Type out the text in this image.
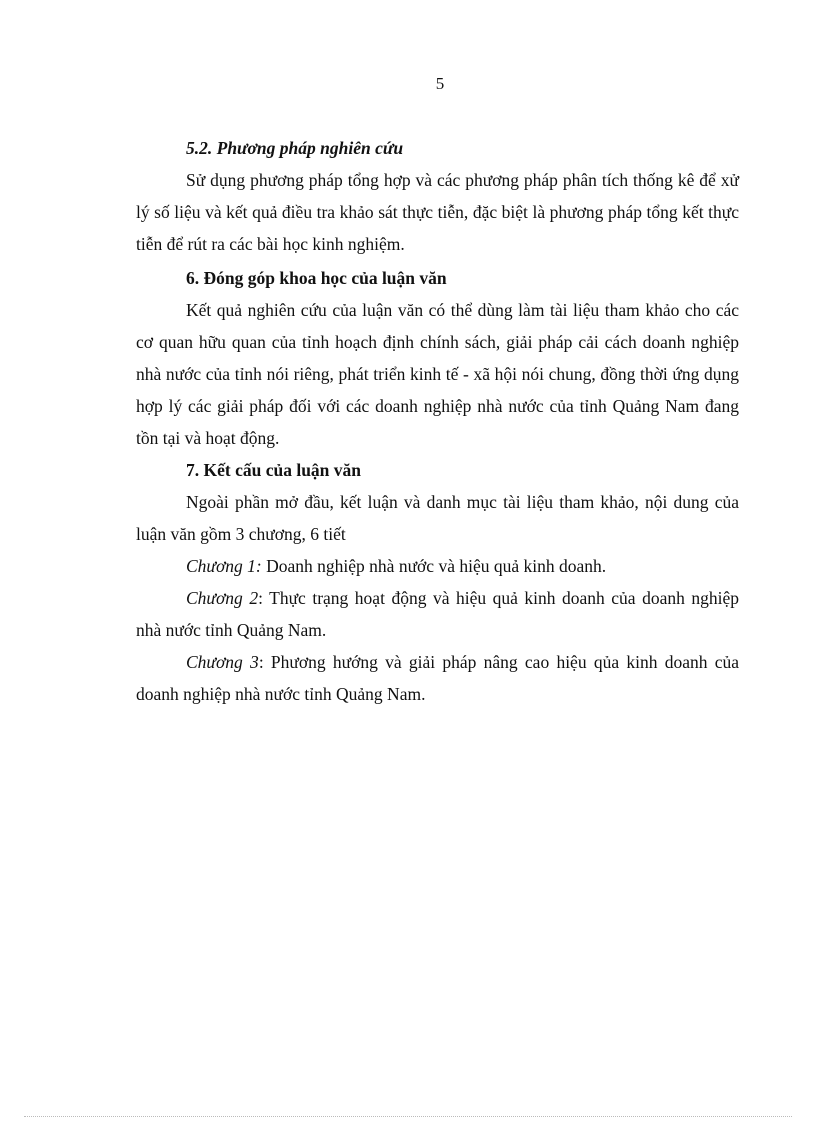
5

5.2. Phương pháp nghiên cứu

Sử dụng phương pháp tổng hợp và các phương pháp phân tích thống kê để xử lý số liệu và kết quả điều tra khảo sát thực tiễn, đặc biệt là phương pháp tổng kết thực tiễn để rút ra các bài học kinh nghiệm.

6. Đóng góp khoa học của luận văn

Kết quả nghiên cứu của luận văn có thể dùng làm tài liệu tham khảo cho các cơ quan hữu quan của tỉnh hoạch định chính sách, giải pháp cải cách doanh nghiệp nhà nước của tỉnh nói riêng, phát triển kinh tế - xã hội nói chung, đồng thời ứng dụng hợp lý các giải pháp đối với các doanh nghiệp nhà nước của tỉnh Quảng Nam đang tồn tại và hoạt động.

7. Kết cấu của luận văn

Ngoài phần mở đầu, kết luận và danh mục tài liệu tham khảo, nội dung của luận văn gồm 3 chương, 6 tiết

Chương 1: Doanh nghiệp nhà nước và hiệu quả kinh doanh.

Chương 2: Thực trạng hoạt động và hiệu quả kinh doanh của doanh nghiệp nhà nước tỉnh Quảng Nam.

Chương 3: Phương hướng và giải pháp nâng cao hiệu qủa kinh doanh của doanh nghiệp nhà nước tỉnh Quảng Nam.
